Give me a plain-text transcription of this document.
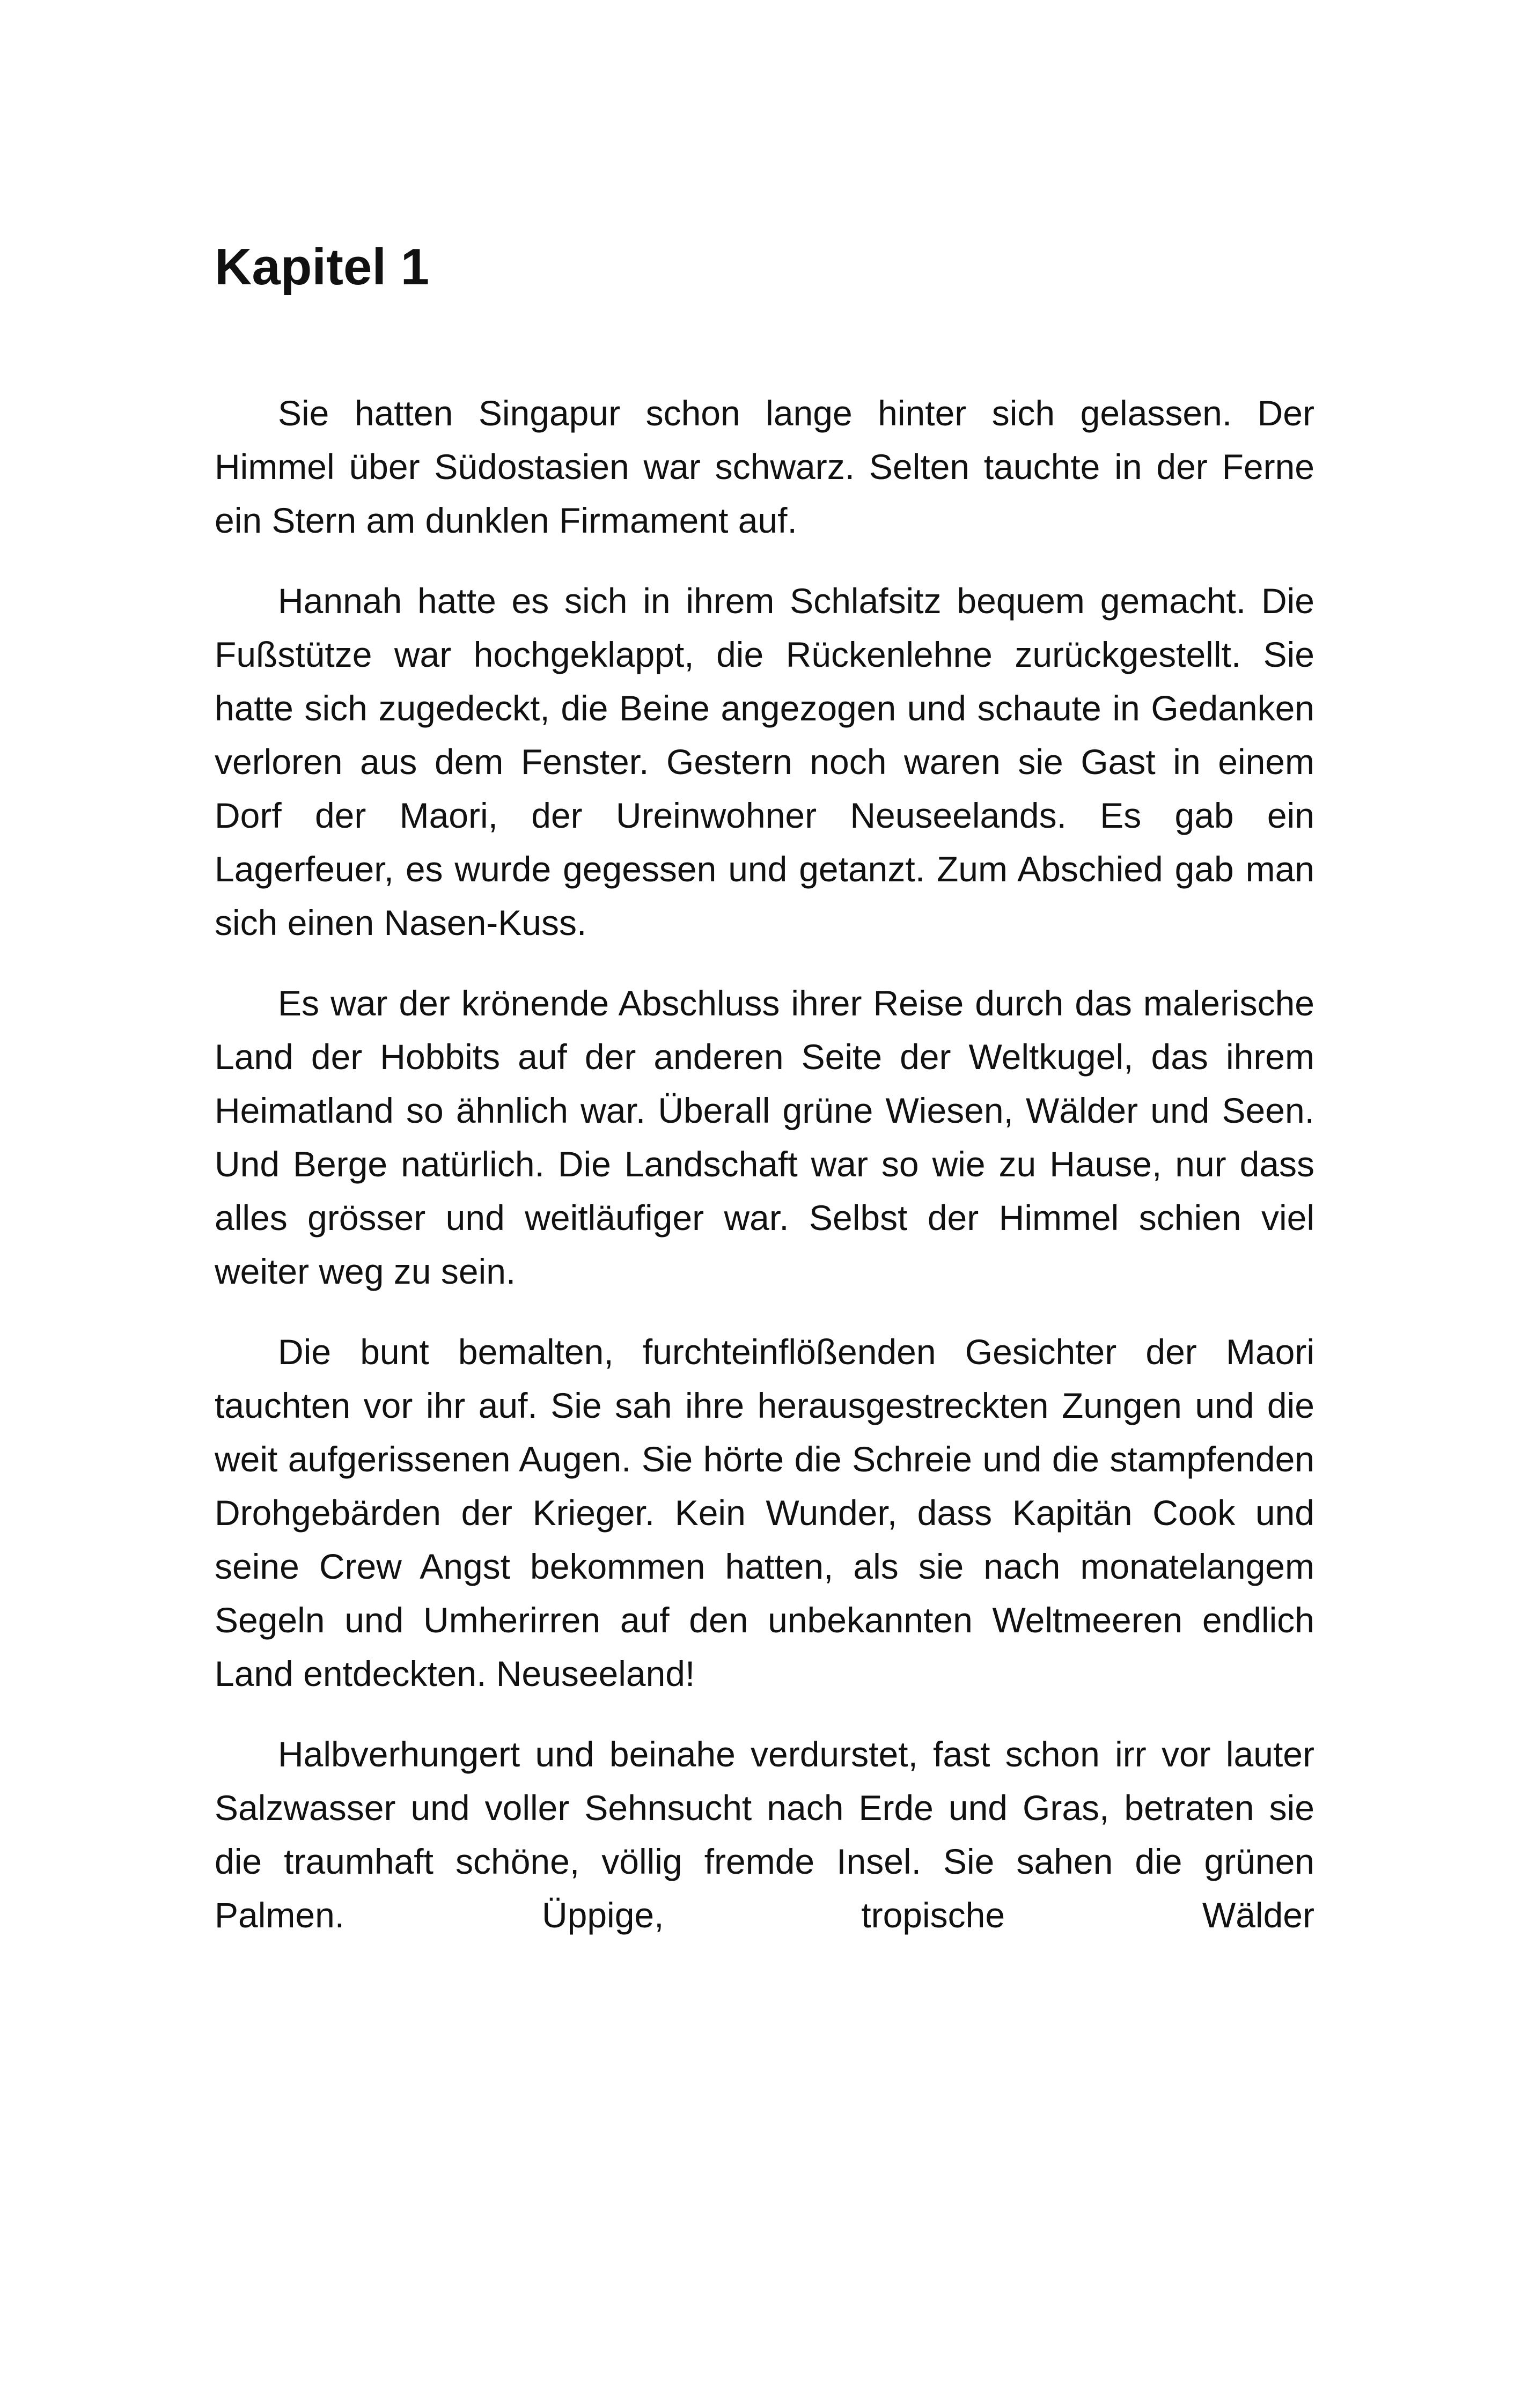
Kapitel 1

Sie hatten Singapur schon lange hinter sich gelassen. Der Himmel über Südostasien war schwarz. Selten tauchte in der Ferne ein Stern am dunklen Firmament auf.

Hannah hatte es sich in ihrem Schlafsitz bequem gemacht. Die Fußstütze war hochgeklappt, die Rückenlehne zurückgestellt. Sie hatte sich zugedeckt, die Beine angezogen und schaute in Gedanken verloren aus dem Fenster. Gestern noch waren sie Gast in einem Dorf der Maori, der Ureinwohner Neuseelands. Es gab ein Lagerfeuer, es wurde gegessen und getanzt. Zum Abschied gab man sich einen Nasen-Kuss.

Es war der krönende Abschluss ihrer Reise durch das malerische Land der Hobbits auf der anderen Seite der Weltkugel, das ihrem Heimatland so ähnlich war. Überall grüne Wiesen, Wälder und Seen. Und Berge natürlich. Die Landschaft war so wie zu Hause, nur dass alles grösser und weitläufiger war. Selbst der Himmel schien viel weiter weg zu sein.

Die bunt bemalten, furchteinflößenden Gesichter der Maori tauchten vor ihr auf. Sie sah ihre herausgestreckten Zungen und die weit aufgerissenen Augen. Sie hörte die Schreie und die stampfenden Drohgebärden der Krieger. Kein Wunder, dass Kapitän Cook und seine Crew Angst bekommen hatten, als sie nach monatelangem Segeln und Umherirren auf den unbekannten Weltmeeren endlich Land entdeckten. Neuseeland!

Halbverhungert und beinahe verdurstet, fast schon irr vor lauter Salzwasser und voller Sehnsucht nach Erde und Gras, betraten sie die traumhaft schöne, völlig fremde Insel. Sie sahen die grünen Palmen. Üppige, tropische Wälder
